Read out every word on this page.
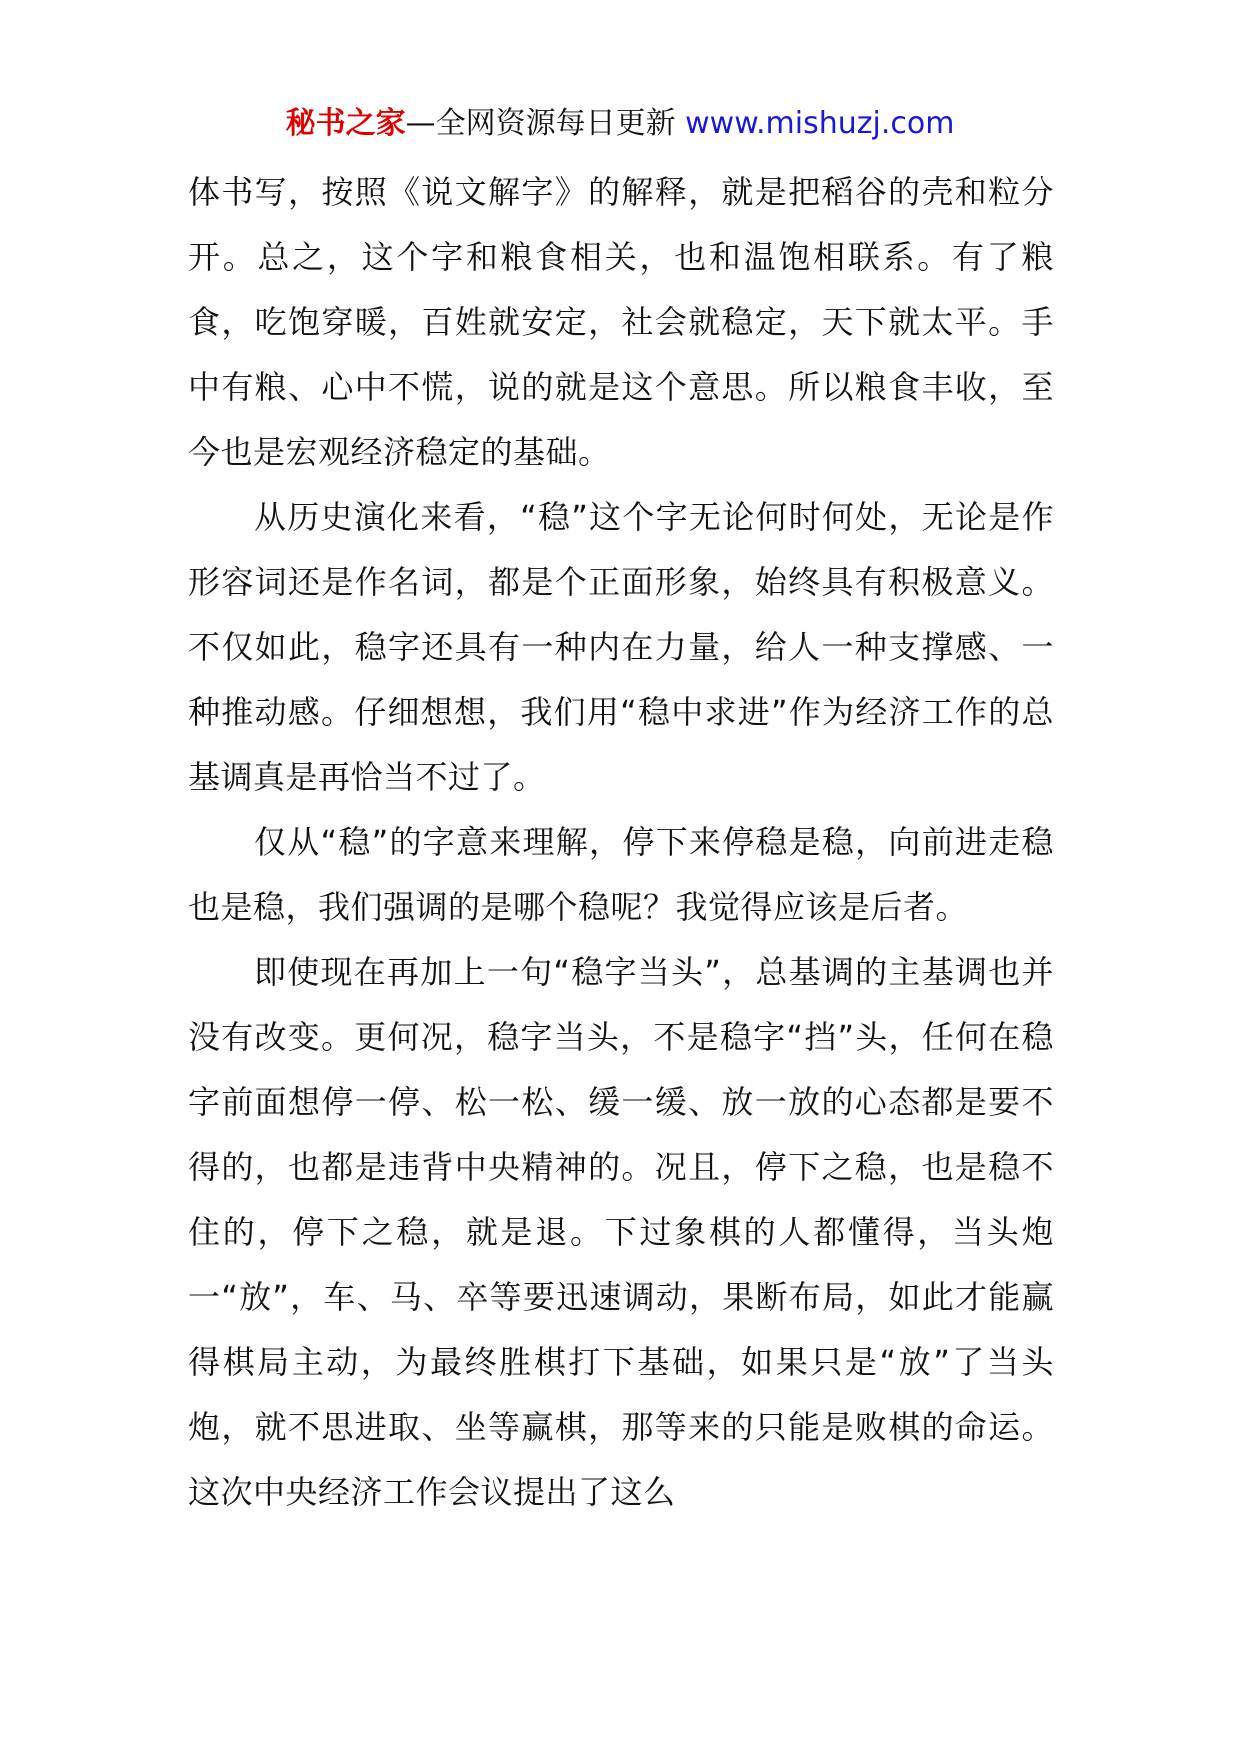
秘书之家—全网资源每日更新 www.mishuzj.com

体书写，按照《说文解字》的解释，就是把稻谷的壳和粒分开。总之，这个字和粮食相关，也和温饱相联系。有了粮食，吃饱穿暖，百姓就安定，社会就稳定，天下就太平。手中有粮、心中不慌，说的就是这个意思。所以粮食丰收，至今也是宏观经济稳定的基础。

从历史演化来看，“稳”这个字无论何时何处，无论是作形容词还是作名词，都是个正面形象，始终具有积极意义。不仅如此，稳字还具有一种内在力量，给人一种支撑感、一种推动感。仔细想想，我们用“稳中求进”作为经济工作的总基调真是再恰当不过了。

仅从“稳”的字意来理解，停下来停稳是稳，向前进走稳也是稳，我们强调的是哪个稳呢？我觉得应该是后者。

即使现在再加上一句“稳字当头”，总基调的主基调也并没有改变。更何况，稳字当头，不是稳字“挡”头，任何在稳字前面想停一停、松一松、缓一缓、放一放的心态都是要不得的，也都是违背中央精神的。况且，停下之稳，也是稳不住的，停下之稳，就是退。下过象棋的人都懂得，当头炮一“放”，车、马、卒等要迅速调动，果断布局，如此才能赢得棋局主动，为最终胜棋打下基础，如果只是“放”了当头炮，就不思进取、坐等赢棋，那等来的只能是败棋的命运。这次中央经济工作会议提出了这么
